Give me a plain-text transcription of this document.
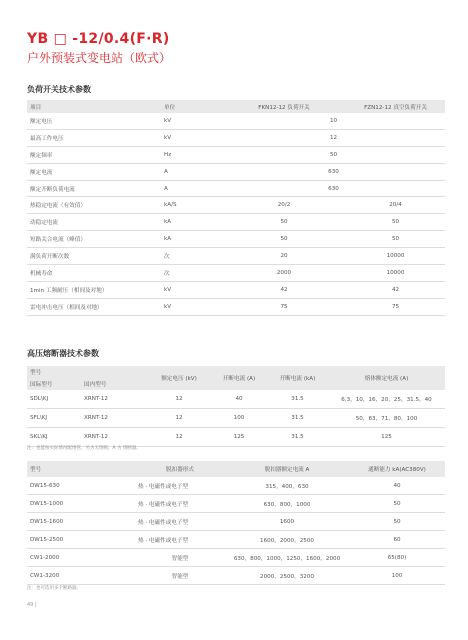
YB □ -12/0.4(F·R)
户外预装式变电站（欧式）
负荷开关技术参数
项目	单位	FKN12-12 负荷开关	FZN12-12 真空负荷开关
额定电压	kV	10	
最高工作电压	kV	12	
额定频率	Hz	50	
额定电流	A	630	
额定开断负荷电流	A	630	
热稳定电流（有效值）	kA/S	20/2	20/4
动稳定电流	kA	50	50
短路关合电流（峰值）	kA	50	50
满负荷开断次数	次	20	10000
机械寿命	次	2000	10000
1min 工频耐压（相间及对地）	kV	42	42
雷电冲击电压（相间及对地）	kV	75	75
高压熔断器技术参数
型号		额定电压 (kV)	开断电流 (A)	开断电流 (kA)	熔体额定电流 (A)
国际型号	国内型号				
SDL\KJ	XRNT-12	12	40	31.5	6.3，10，16，20，25，31.5，40
SFL\KJ	XRNT-12	12	100	31.5	50，63，71，80，100
SKL\KJ	XRNT-12	12	125	31.5	125
注：也能按实际情况配熔管，另为无熔断，A 为 熔断器。
型号	脱扣器形式	脱扣器额定电流 A	通断能力 kA(AC380V)
DW15-630	热 · 电磁性或电子型	315，400，630	40
DW15-1000	热 · 电磁性或电子型	630，800，1000	50
DW15-1600	热 · 电磁性或电子型	1600	50
DW15-2500	热 · 电磁性或电子型	1600，2000，2500	60
CW1-2000	智能型	630，800，1000，1250，1600，2000	65(80)
CW1-3200	智能型	2000，2500，3200	100
注：也可选用多个断路器。
49 |
